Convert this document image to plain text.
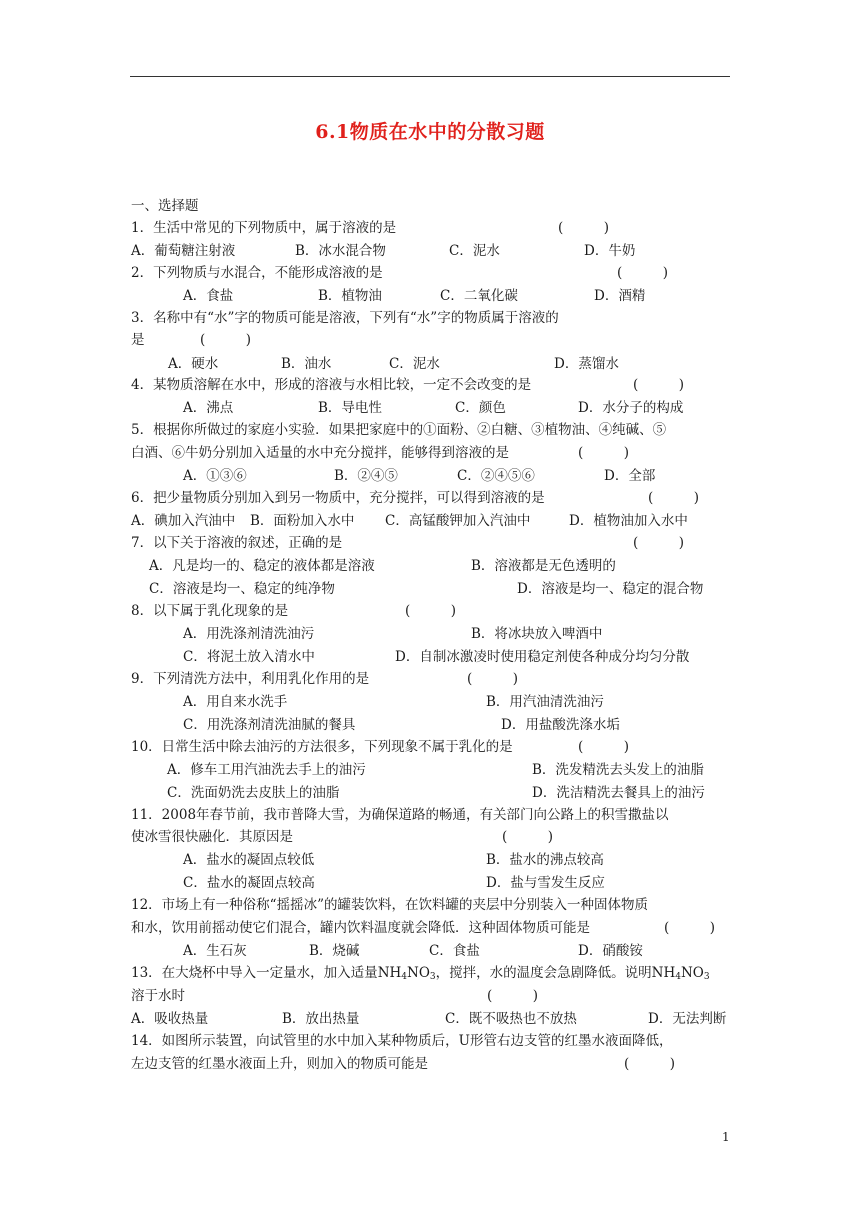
6.1物质在水中的分散习题
一、选择题
1．生活中常见的下列物质中，属于溶液的是	(　　　)
A．葡萄糖注射液	B．冰水混合物	C．泥水	D．牛奶
2．下列物质与水混合，不能形成溶液的是	(　　　)
A．食盐	B．植物油	C．二氧化碳	D．酒精
3．名称中有“水”字的物质可能是溶液，下列有“水”字的物质属于溶液的
是	(　　　)
A．硬水	B．油水	C．泥水	D．蒸馏水
4．某物质溶解在水中，形成的溶液与水相比较，一定不会改变的是	(　　　)
A．沸点	B．导电性	C．颜色	D．水分子的构成
5．根据你所做过的家庭小实验．如果把家庭中的①面粉、②白糖、③植物油、④纯碱、⑤
白酒、⑥牛奶分别加入适量的水中充分搅拌，能够得到溶液的是	(　　　)
A．①③⑥	B．②④⑤	C．②④⑤⑥	D．全部
6．把少量物质分别加入到另一物质中，充分搅拌，可以得到溶液的是	(　　　)
A．碘加入汽油中 B．面粉加入水中 C．高锰酸钾加入汽油中	D．植物油加入水中
7．以下关于溶液的叙述，正确的是	(　　　)
A．凡是均一的、稳定的液体都是溶液	B．溶液都是无色透明的
C．溶液是均一、稳定的纯净物	D．溶液是均一、稳定的混合物
8．以下属于乳化现象的是	(　　　)
A．用洗涤剂清洗油污	B．将冰块放入啤酒中
C．将泥土放入清水中	D．自制冰激凌时使用稳定剂使各种成分均匀分散
9．下列清洗方法中，利用乳化作用的是	(　　　)
A．用自来水洗手	B．用汽油清洗油污
C．用洗涤剂清洗油腻的餐具	D．用盐酸洗涤水垢
10．日常生活中除去油污的方法很多，下列现象不属于乳化的是	(　　　)
A．修车工用汽油洗去手上的油污	B．洗发精洗去头发上的油脂
C．洗面奶洗去皮肤上的油脂	D．洗洁精洗去餐具上的油污
11．2008年春节前，我市普降大雪，为确保道路的畅通，有关部门向公路上的积雪撒盐以
使冰雪很快融化．其原因是	(　　　)
A．盐水的凝固点较低	B．盐水的沸点较高
C．盐水的凝固点较高	D．盐与雪发生反应
12．市场上有一种俗称“摇摇冰”的罐装饮料，在饮料罐的夹层中分别装入一种固体物质
和水，饮用前摇动使它们混合，罐内饮料温度就会降低．这种固体物质可能是	(　　　)
A．生石灰	B．烧碱	C．食盐	D．硝酸铵
13．在大烧杯中导入一定量水，加入适量$NH_4NO_3$，搅拌，水的温度会急剧降低。说明$NH_4NO_3$
溶于水时	(　　　)
A．吸收热量	B．放出热量	C．既不吸热也不放热	D．无法判断
14．如图所示装置，向试管里的水中加入某种物质后，U形管右边支管的红墨水液面降低，
左边支管的红墨水液面上升，则加入的物质可能是	(　　　)
1
